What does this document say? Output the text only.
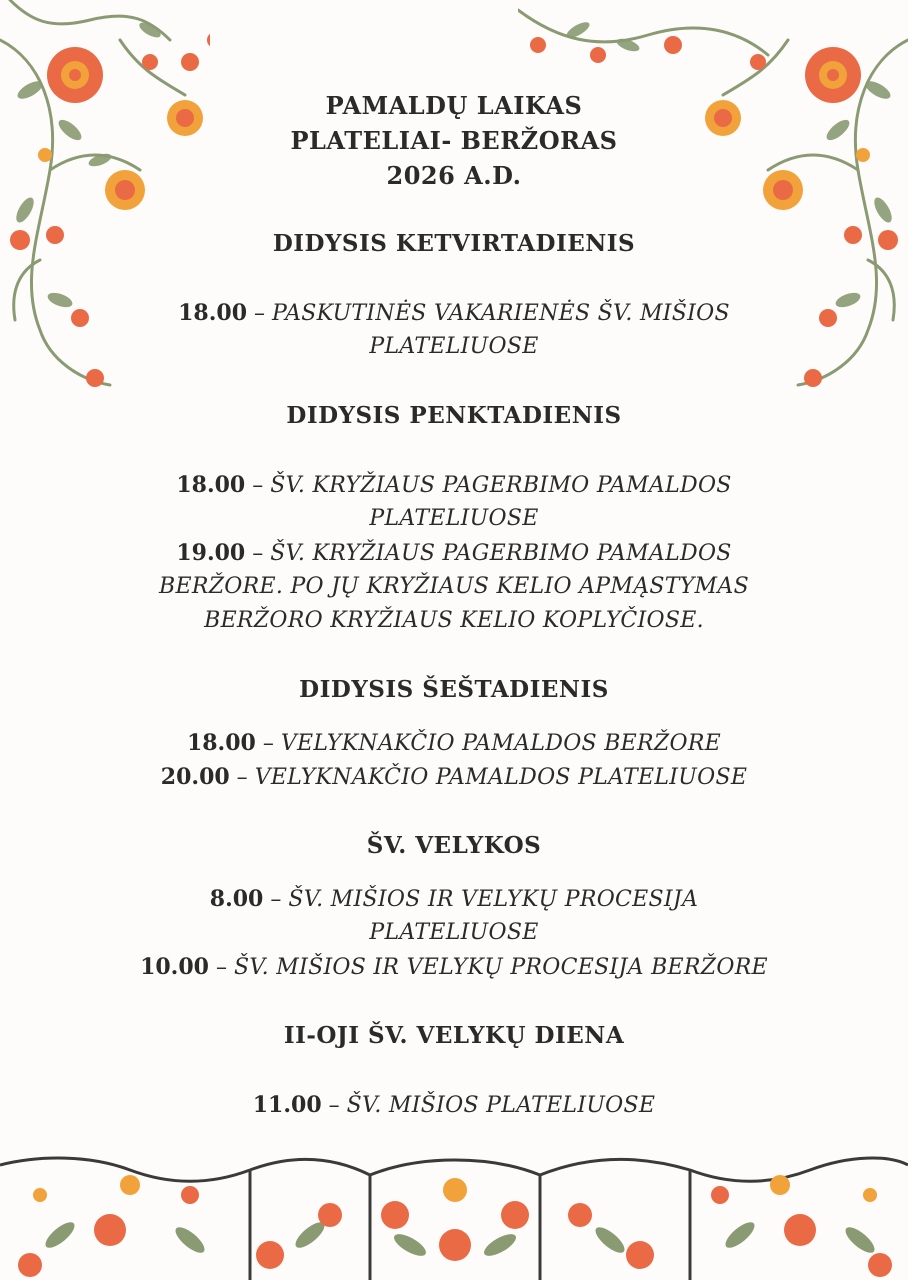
PAMALDŲ LAIKAS
PLATELIAI- BERŽORAS
2026 A.D.
DIDYSIS KETVIRTADIENIS
18.00 – PASKUTINĖS VAKARIENĖS ŠV. MIŠIOS
PLATELIUOSE
DIDYSIS PENKTADIENIS
18.00 – ŠV. KRYŽIAUS PAGERBIMO PAMALDOS
PLATELIUOSE
19.00 – ŠV. KRYŽIAUS PAGERBIMO PAMALDOS
BERŽORE. PO JŲ KRYŽIAUS KELIO APMĄSTYMAS
BERŽORO KRYŽIAUS KELIO KOPLYČIOSE.
DIDYSIS ŠEŠTADIENIS
18.00 – VELYKNAKČIO PAMALDOS BERŽORE
20.00 – VELYKNAKČIO PAMALDOS PLATELIUOSE
ŠV. VELYKOS
8.00 – ŠV. MIŠIOS IR VELYKŲ PROCESIJA
PLATELIUOSE
10.00 – ŠV. MIŠIOS IR VELYKŲ PROCESIJA BERŽORE
II-OJI ŠV. VELYKŲ DIENA
11.00 – ŠV. MIŠIOS PLATELIUOSE
